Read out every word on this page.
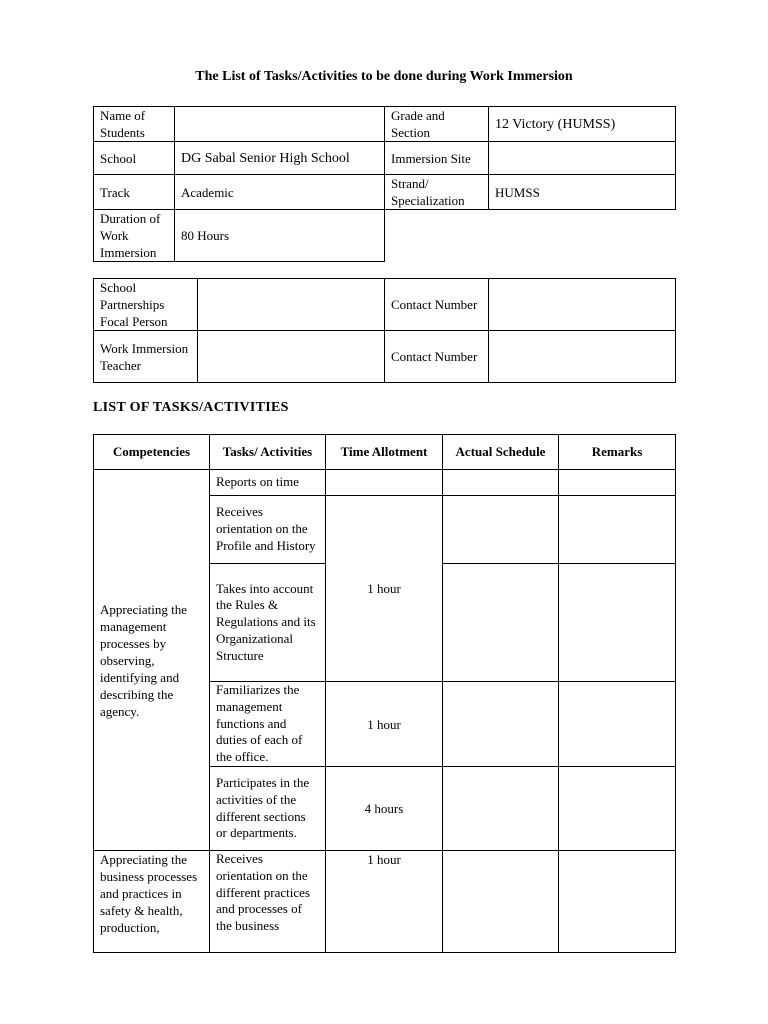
The List of Tasks/Activities to be done during Work Immersion
Name of Students		Grade and Section	12 Victory (HUMSS)
School	DG Sabal Senior High School	Immersion Site	
Track	Academic	Strand/ Specialization	HUMSS
Duration of Work Immersion	80 Hours		
School Partnerships Focal Person		Contact Number	
Work Immersion Teacher		Contact Number	
LIST OF TASKS/ACTIVITIES
Competencies	Tasks/ Activities	Time Allotment	Actual Schedule	Remarks
Appreciating the management processes by observing, identifying and describing the agency.	Reports on time			
	Receives orientation on the Profile and History	1 hour		
	Takes into account the Rules & Regulations and its Organizational Structure			
	Familiarizes the management functions and duties of each of the office.	1 hour		
	Participates in the activities of the different sections or departments.	4 hours		
Appreciating the business processes and practices in safety & health, production,	Receives orientation on the different practices and processes of the business	1 hour		
